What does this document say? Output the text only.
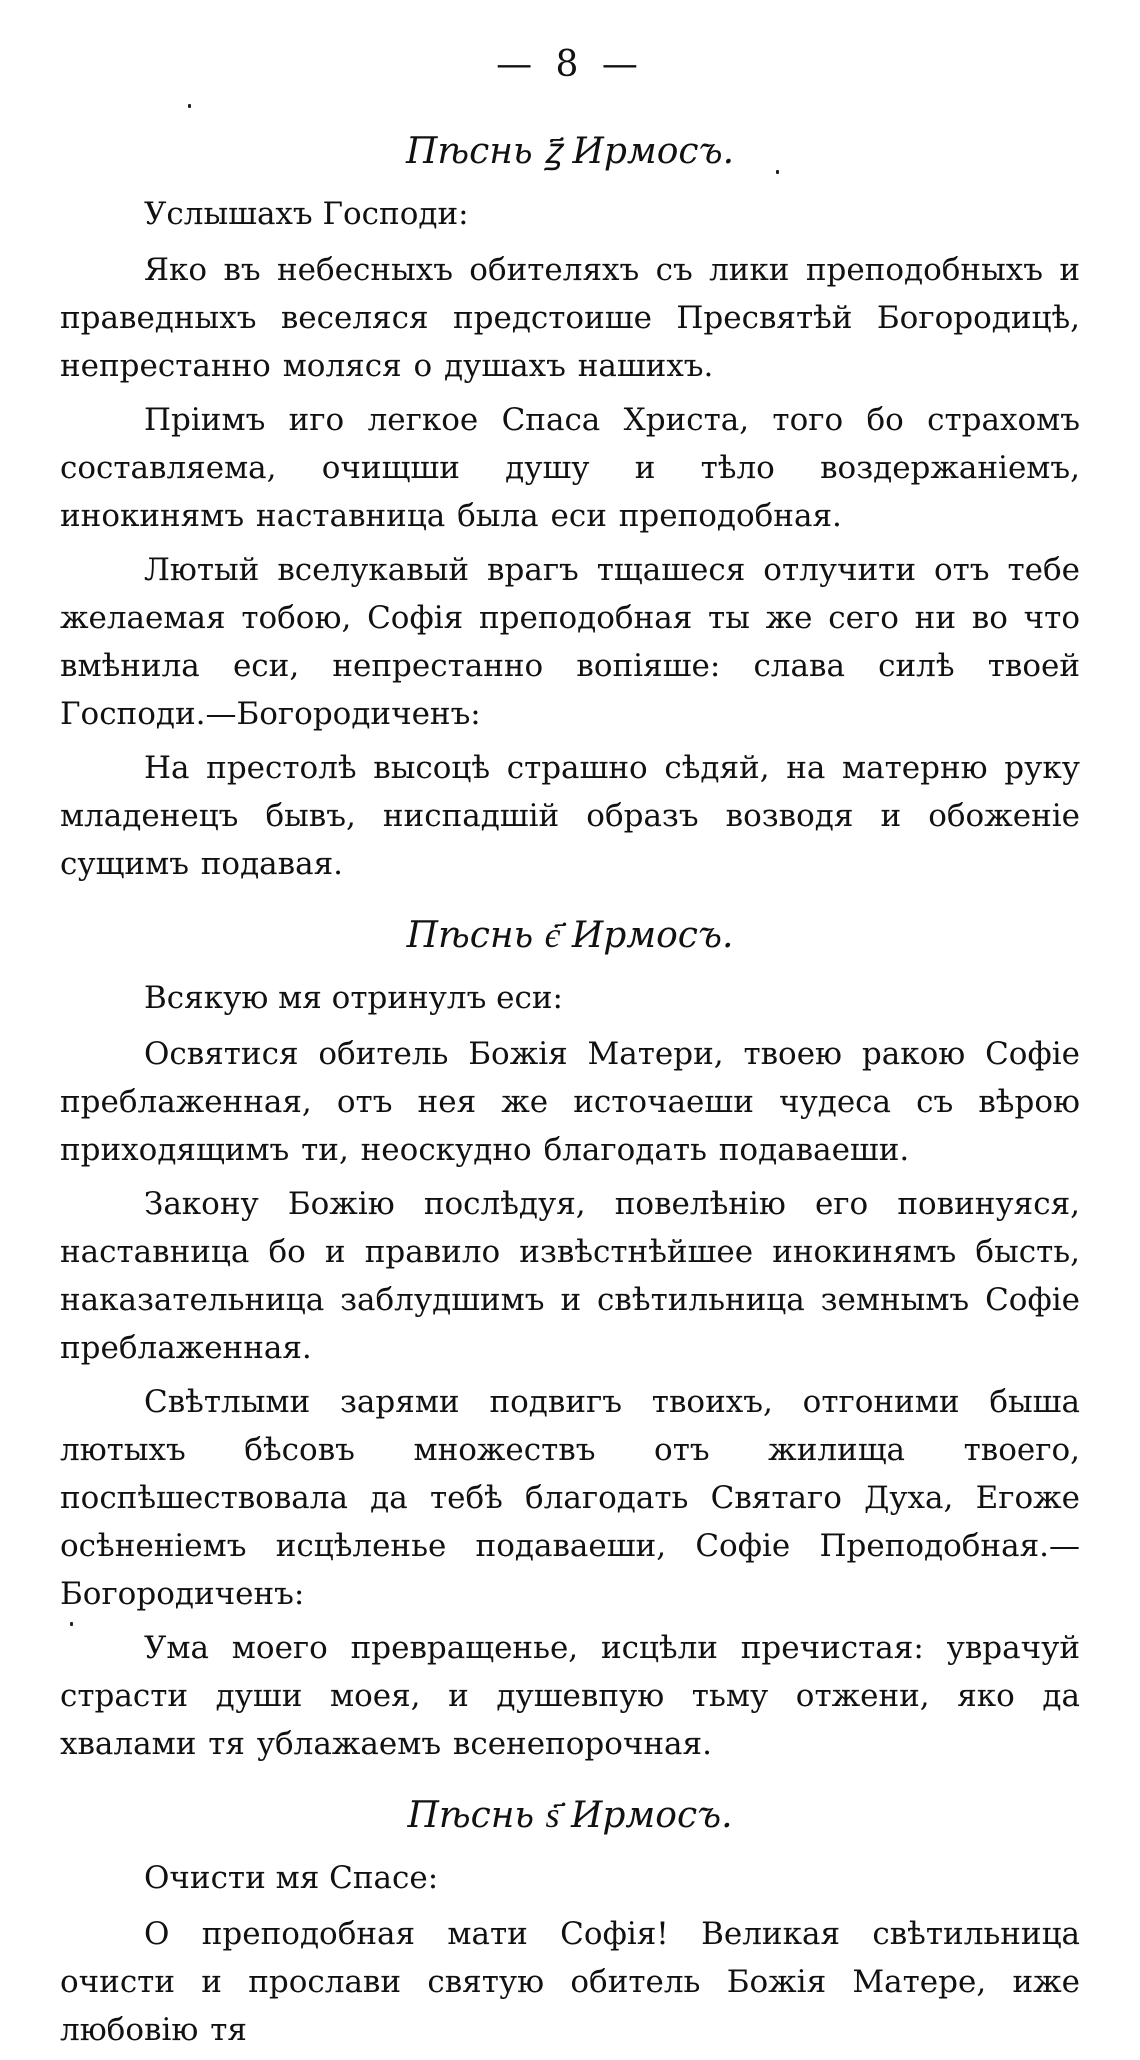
— 8 —
Пѣснь ꙁ҃ Ирмосъ.

Услышахъ Господи:

Яко въ небесныхъ обителяхъ съ лики преподобныхъ и праведныхъ веселяся предстоише Пресвятѣй Богородицѣ, непрестанно моляся о душахъ нашихъ.

Пріимъ иго легкое Спаса Христа, того бо страхомъ составляема, очищши душу и тѣло воздержаніемъ, инокинямъ наставница была еси преподобная.

Лютый вселукавый врагъ тщашеся отлучити отъ тебе желаемая тобою, Софія преподобная ты же сего ни во что вмѣнила еси, непрестанно вопіяше: слава силѣ твоей Господи.—Богородиченъ:

На престолѣ высоцѣ страшно сѣдяй, на матерню руку младенецъ бывъ, ниспадшій образъ возводя и обоженіе сущимъ подавая.

Пѣснь є҃ Ирмосъ.

Всякую мя отринулъ еси:

Освятися обитель Божія Матери, твоею ракою Софіе преблаженная, отъ нея же источаеши чудеса съ вѣрою приходящимъ ти, неоскудно благодать подаваеши.

Закону Божію послѣдуя, повелѣнію его повинуяся, наставница бо и правило извѣстнѣйшее инокинямъ бысть, наказательница заблудшимъ и свѣтильница земнымъ Софіе преблаженная.

Свѣтлыми зарями подвигъ твоихъ, отгоними быша лютыхъ бѣсовъ множествъ отъ жилища твоего, поспѣшествовала да тебѣ благодать Святаго Духа, Егоже осѣненіемъ исцѣленье подаваеши, Софіе Преподобная.—Богородиченъ:

Ума моего превращенье, исцѣли пречистая: уврачуй страсти души моея, и душевпую тьму отжени, яко да хвалами тя ублажаемъ всенепорочная.

Пѣснь ѕ҃ Ирмосъ.

Очисти мя Спасе:

О преподобная мати Софія! Великая свѣтильница очисти и прослави святую обитель Божія Матере, иже любовію тя
